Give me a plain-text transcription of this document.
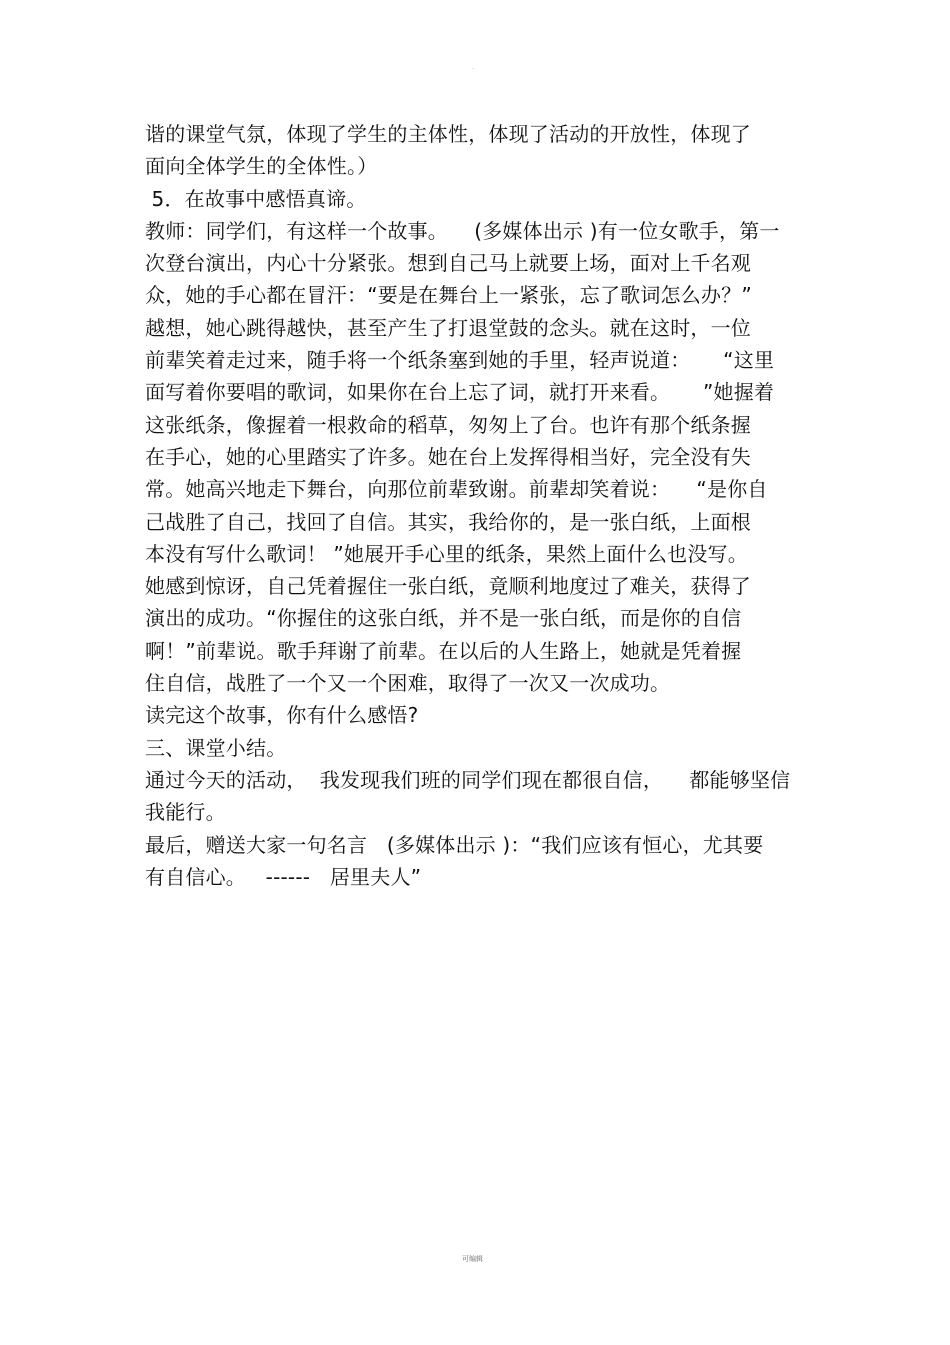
·
谐的课堂气氛，体现了学生的主体性，体现了活动的开放性，体现了
面向全体学生的全体性。）
5．在故事中感悟真谛。
教师：同学们，有这样一个故事。    (多媒体出示 )有一位女歌手，第一
次登台演出，内心十分紧张。想到自己马上就要上场，面对上千名观
众，她的手心都在冒汗：“要是在舞台上一紧张，忘了歌词怎么办？”
越想，她心跳得越快，甚至产生了打退堂鼓的念头。就在这时，一位
前辈笑着走过来，随手将一个纸条塞到她的手里，轻声说道：     “这里
面写着你要唱的歌词，如果你在台上忘了词，就打开来看。     ”她握着
这张纸条，像握着一根救命的稻草，匆匆上了台。也许有那个纸条握
在手心，她的心里踏实了许多。她在台上发挥得相当好，完全没有失
常。她高兴地走下舞台，向那位前辈致谢。前辈却笑着说：    “是你自
己战胜了自己，找回了自信。其实，我给你的，是一张白纸，上面根
本没有写什么歌词！ ”她展开手心里的纸条，果然上面什么也没写。
她感到惊讶，自己凭着握住一张白纸，竟顺利地度过了难关，获得了
演出的成功。“你握住的这张白纸，并不是一张白纸，而是你的自信
啊！”前辈说。歌手拜谢了前辈。在以后的人生路上，她就是凭着握
住自信，战胜了一个又一个困难，取得了一次又一次成功。
读完这个故事，你有什么感悟?
三、课堂小结。
通过今天的活动，  我发现我们班的同学们现在都很自信，    都能够坚信
我能行。
最后，赠送大家一句名言   (多媒体出示 )：“我们应该有恒心，尤其要
有自信心。   ------   居里夫人”
可编辑
